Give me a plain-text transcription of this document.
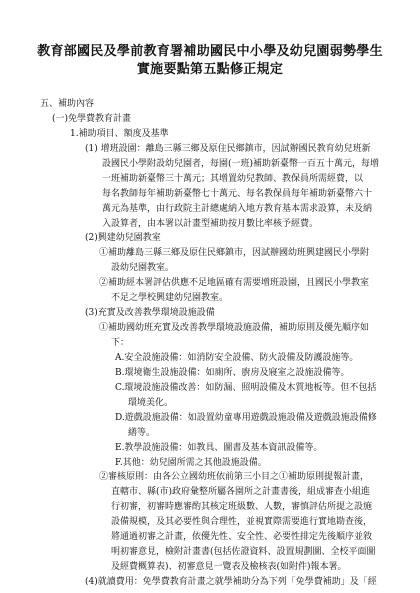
教育部國民及學前教育署補助國民中小學及幼兒園弱勢學生
實施要點第五點修正規定
五、補助內容
(一)免學費教育計畫
1.補助項目、額度及基準
(1) 增班設園：離島三縣三鄉及原住民鄉鎮市，因試辦國民教育幼兒班新
設國民小學附設幼兒園者，每園(一班)補助新臺幣一百五十萬元，每增
一班補助新臺幣三十萬元；其增置幼兒教師、教保員所需經費，以
每名教師每年補助新臺幣七十萬元、每名教保員每年補助新臺幣六十
萬元為基準，由行政院主計總處納入地方教育基本需求設算，未及納
入設算者，由本署以計畫型補助按月數比率核予經費。
(2)興建幼兒園教室
①補助離島三縣三鄉及原住民鄉鎮市，因試辦國幼班興建國民小學附
設幼兒園教室。
②補助經本署評估供應不足地區確有需要增班設園，且國民小學教室
不足之學校興建幼兒園教室。
(3)充實及改善教學環境設施設備
①補助國幼班充實及改善教學環境設施設備，補助原則及優先順序如
下：
A.安全設施設備：如消防安全設備、防火設備及防護設施等。
B.環境衛生設施設備：如廁所、廚房及寢室之設施設備等。
C.環境設施設備改善：如防漏、照明設備及木質地板等。但不包括
環境美化。
D.遊戲設施設備：如設置幼童專用遊戲設施設備及遊戲設施設備修
繕等。
E.教學設施設備：如教具、圖書及基本資訊設備等。
F.其他：幼兒園所需之其他設施設備。
②審核原則：由各公立國幼班依前第三小目之①補助原則提報計畫，
直轄市、縣(市)政府彙整所屬各園所之計畫書後，組成審查小組進
行初審，初審時應審酌其核定班級數、人數，審慎評估所提之設施
設備規模，及其必要性與合理性，並視實際需要進行實地勘查後，
將通過初審之計畫，依優先性、安全性、必要性排定先後順序並敘
明初審意見，檢附計畫書(包括佐證資料、設置規劃圖、全校平面圖
及經費概算表)、初審意見一覽表及檢核表(如附件)報本署。
(4)就讀費用：免學費教育計畫之就學補助分為下列「免學費補助」及「經
